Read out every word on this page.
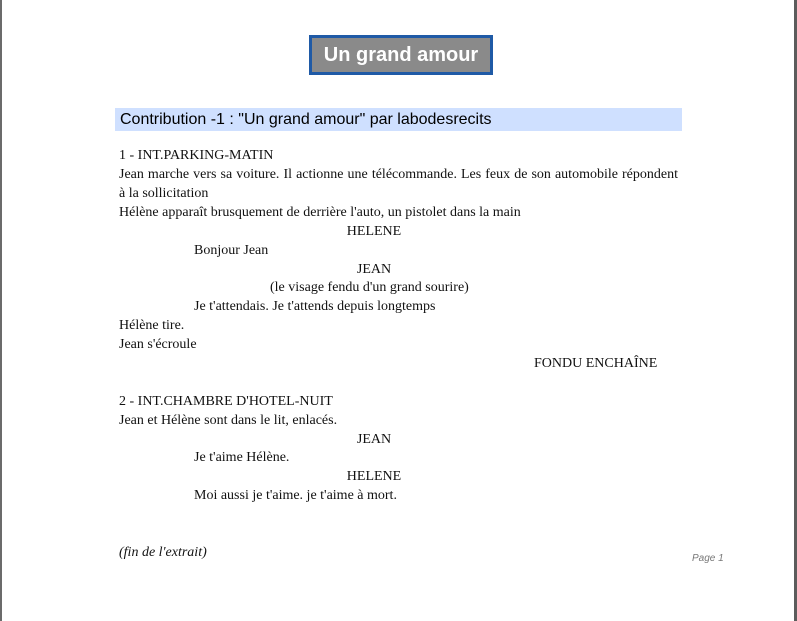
Un grand amour
Contribution -1 : "Un grand amour" par labodesrecits
1 - INT.PARKING-MATIN
Jean marche vers sa voiture. Il actionne une télécommande. Les feux de son automobile répondent à la sollicitation
Hélène apparaît brusquement de derrière l'auto, un pistolet dans la main
HELENE
Bonjour Jean
JEAN
(le visage fendu d'un grand sourire)
Je t'attendais. Je t'attends depuis longtemps
Hélène tire.
Jean s'écroule
FONDU ENCHAÎNE
2 - INT.CHAMBRE D'HOTEL-NUIT
Jean et Hélène sont dans le lit, enlacés.
JEAN
Je t'aime Hélène.
HELENE
Moi aussi je t'aime. je t'aime à mort.
(fin de l'extrait)	Page 1
